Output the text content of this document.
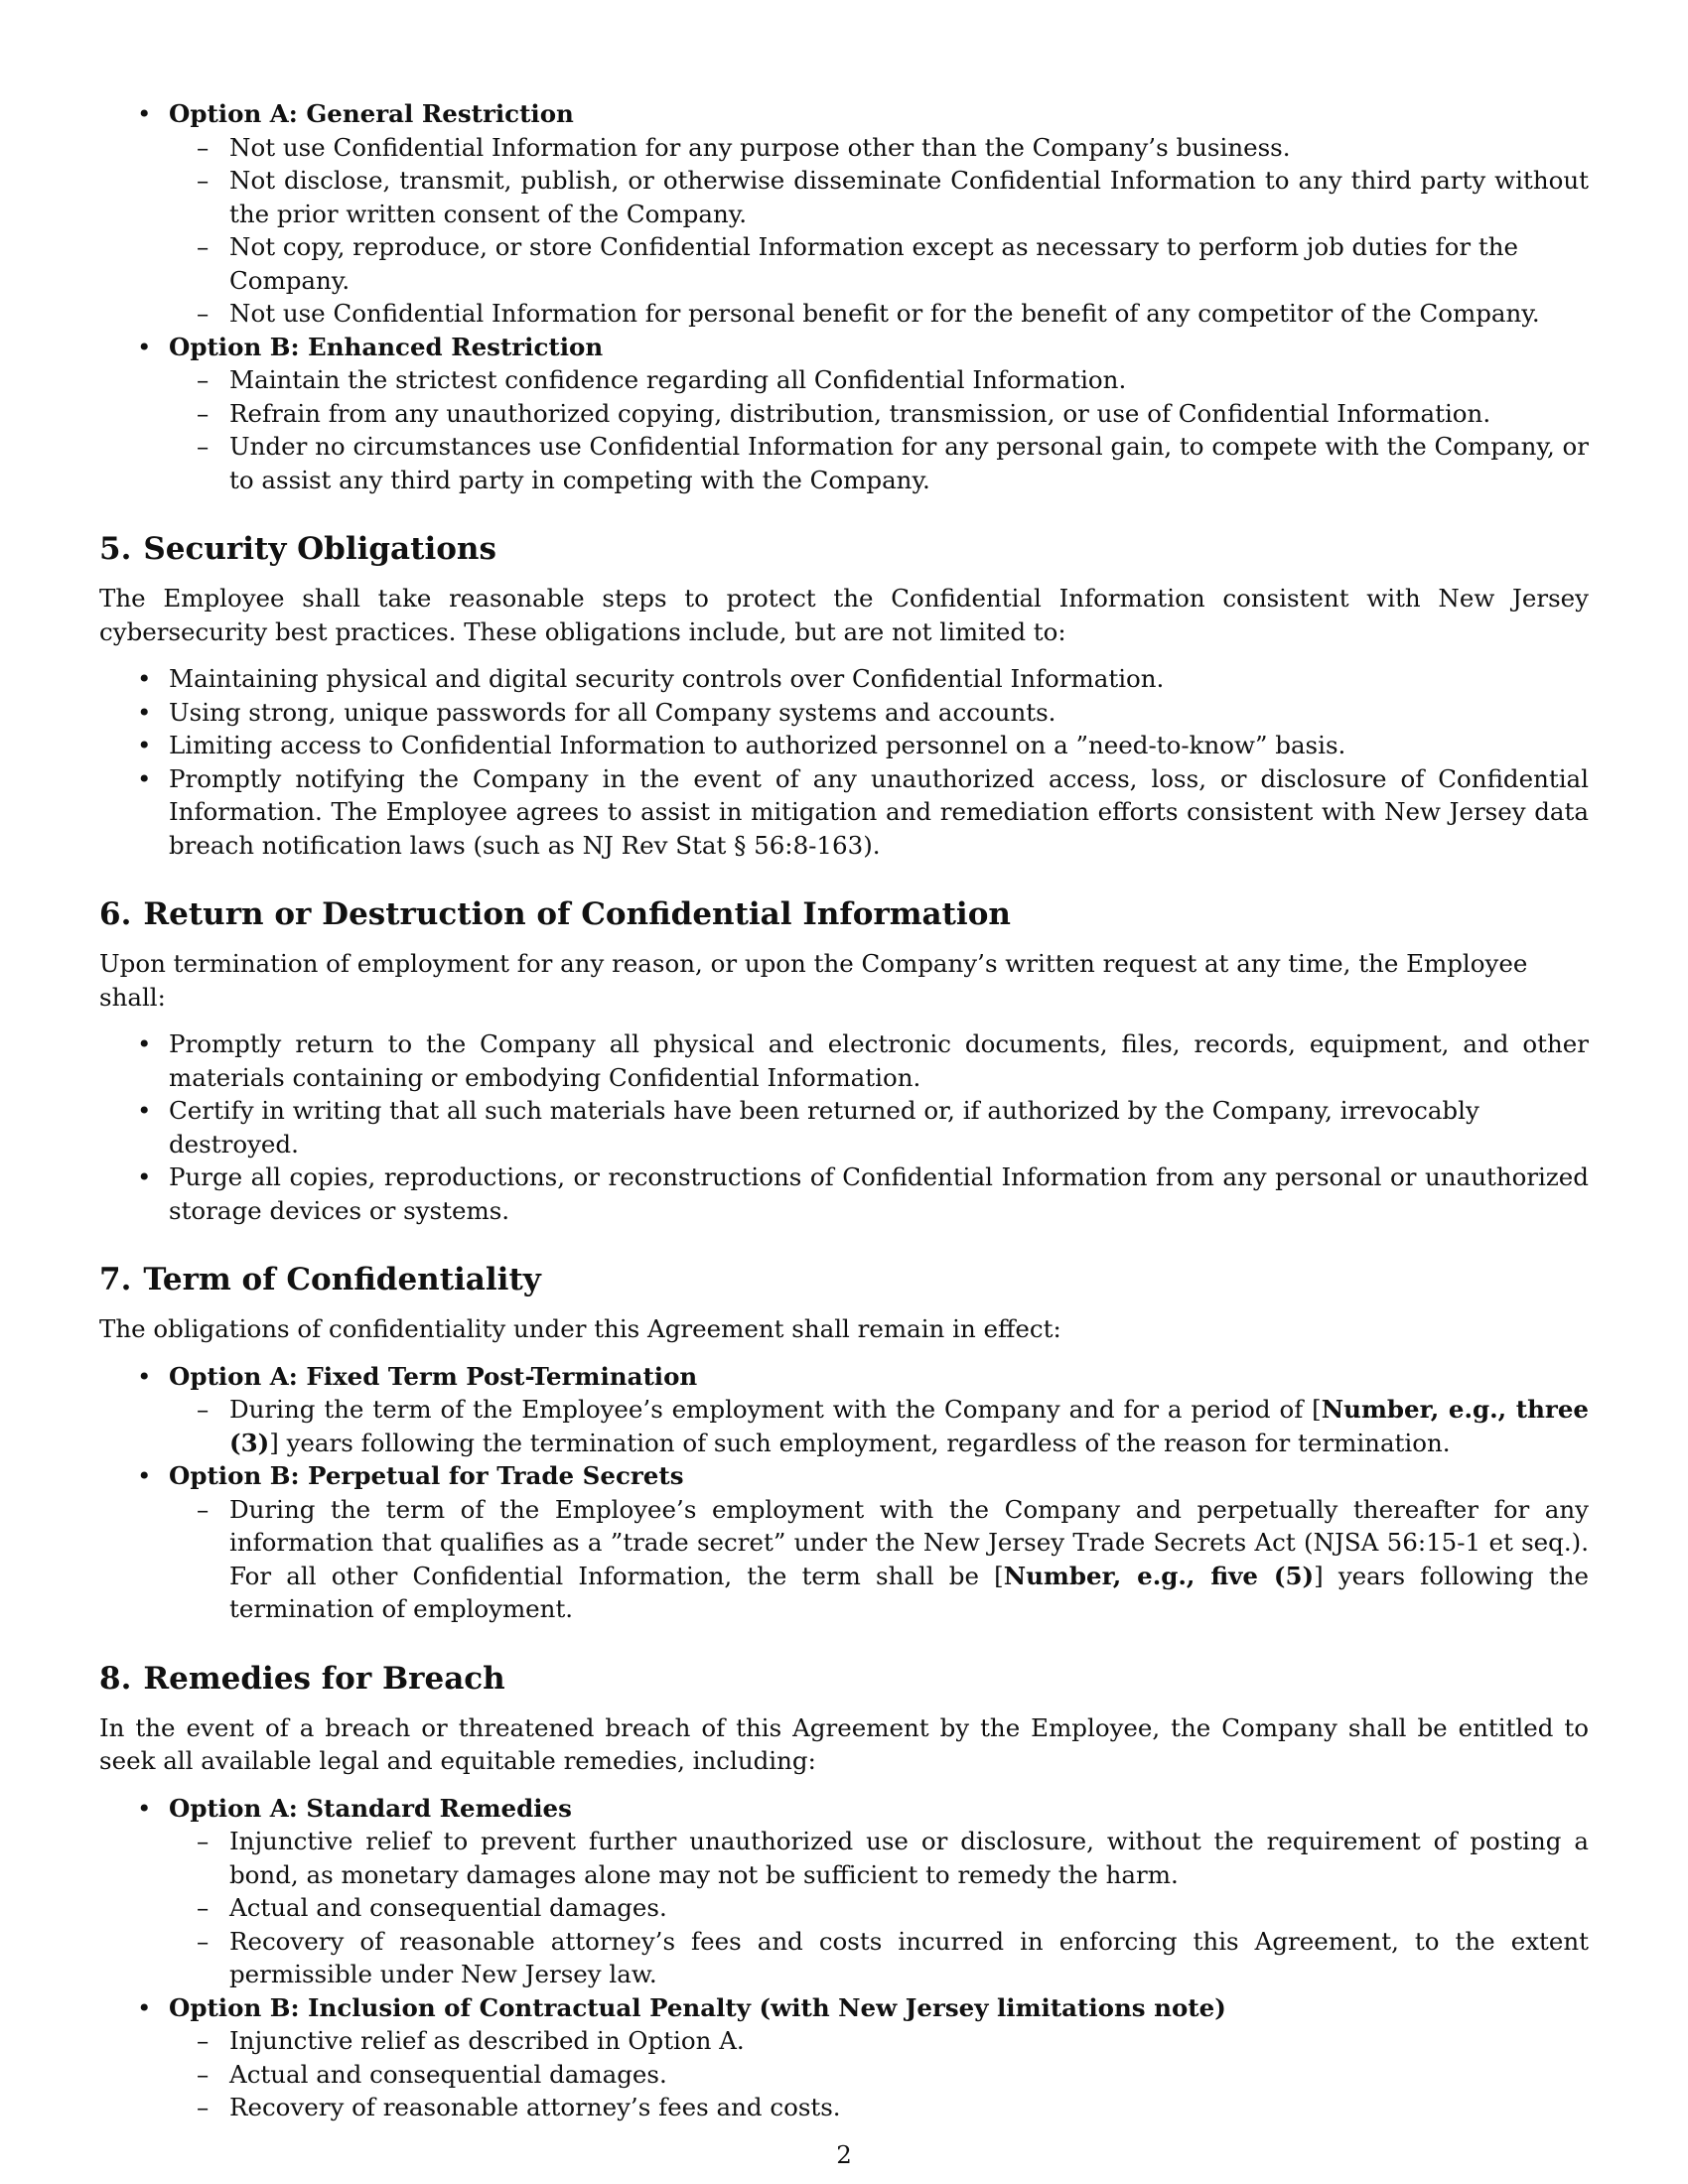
• Option A: General Restriction
– Not use Confidential Information for any purpose other than the Company’s business.
– Not disclose, transmit, publish, or otherwise disseminate Confidential Information to any third party without the prior written consent of the Company.
– Not copy, reproduce, or store Confidential Information except as necessary to perform job duties for the Company.
– Not use Confidential Information for personal benefit or for the benefit of any competitor of the Company.
• Option B: Enhanced Restriction
– Maintain the strictest confidence regarding all Confidential Information.
– Refrain from any unauthorized copying, distribution, transmission, or use of Confidential Information.
– Under no circumstances use Confidential Information for any personal gain, to compete with the Company, or to assist any third party in competing with the Company.
5. Security Obligations

The Employee shall take reasonable steps to protect the Confidential Information consistent with New Jersey cybersecurity best practices. These obligations include, but are not limited to:

• Maintaining physical and digital security controls over Confidential Information.
• Using strong, unique passwords for all Company systems and accounts.
• Limiting access to Confidential Information to authorized personnel on a ”need-to-know” basis.
• Promptly notifying the Company in the event of any unauthorized access, loss, or disclosure of Confidential Information. The Employee agrees to assist in mitigation and remediation efforts consistent with New Jersey data breach notification laws (such as NJ Rev Stat § 56:8-163).
6. Return or Destruction of Confidential Information

Upon termination of employment for any reason, or upon the Company’s written request at any time, the Employee shall:

• Promptly return to the Company all physical and electronic documents, files, records, equipment, and other materials containing or embodying Confidential Information.
• Certify in writing that all such materials have been returned or, if authorized by the Company, irrevocably destroyed.
• Purge all copies, reproductions, or reconstructions of Confidential Information from any personal or unauthorized storage devices or systems.
7. Term of Confidentiality

The obligations of confidentiality under this Agreement shall remain in effect:

• Option A: Fixed Term Post-Termination
– During the term of the Employee’s employment with the Company and for a period of [Number, e.g., three (3)] years following the termination of such employment, regardless of the reason for termination.
• Option B: Perpetual for Trade Secrets
– During the term of the Employee’s employment with the Company and perpetually thereafter for any information that qualifies as a ”trade secret” under the New Jersey Trade Secrets Act (NJSA 56:15-1 et seq.). For all other Confidential Information, the term shall be [Number, e.g., five (5)] years following the termination of employment.
8. Remedies for Breach

In the event of a breach or threatened breach of this Agreement by the Employee, the Company shall be entitled to seek all available legal and equitable remedies, including:

• Option A: Standard Remedies
– Injunctive relief to prevent further unauthorized use or disclosure, without the requirement of posting a bond, as monetary damages alone may not be sufficient to remedy the harm.
– Actual and consequential damages.
– Recovery of reasonable attorney’s fees and costs incurred in enforcing this Agreement, to the extent permissible under New Jersey law.
• Option B: Inclusion of Contractual Penalty (with New Jersey limitations note)
– Injunctive relief as described in Option A.
– Actual and consequential damages.
– Recovery of reasonable attorney’s fees and costs.
2
